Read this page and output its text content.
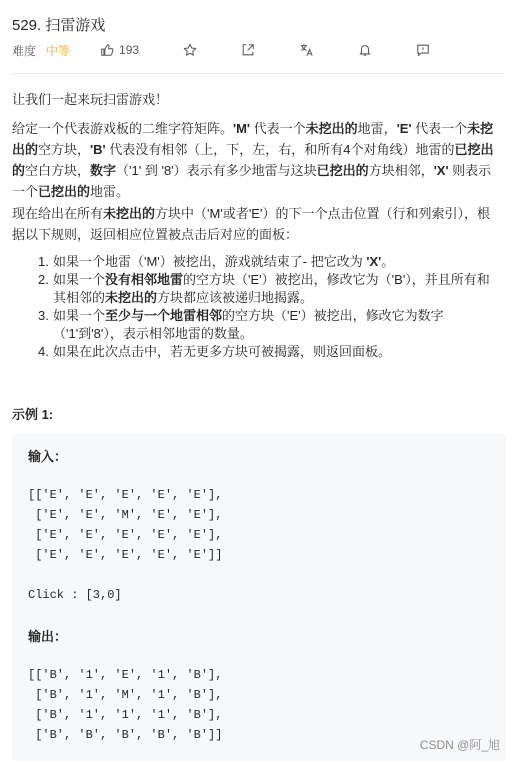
529. 扫雷游戏
难度 中等	193
让我们一起来玩扫雷游戏！
给定一个代表游戏板的二维字符矩阵。'M' 代表一个未挖出的地雷，'E' 代表一个未挖出的空方块，'B' 代表没有相邻（上，下，左，右，和所有4个对角线）地雷的已挖出的空白方块，数字（'1' 到 '8'）表示有多少地雷与这块已挖出的方块相邻，'X' 则表示一个已挖出的地雷。
现在给出在所有未挖出的方块中（'M'或者'E'）的下一个点击位置（行和列索引），根据以下规则，返回相应位置被点击后对应的面板：
1. 如果一个地雷（'M'）被挖出，游戏就结束了- 把它改为 'X'。
2. 如果一个没有相邻地雷的空方块（'E'）被挖出，修改它为（'B'），并且所有和其相邻的未挖出的方块都应该被递归地揭露。
3. 如果一个至少与一个地雷相邻的空方块（'E'）被挖出，修改它为数字（'1'到'8'），表示相邻地雷的数量。
4. 如果在此次点击中，若无更多方块可被揭露，则返回面板。
示例 1:
输入：
[['E', 'E', 'E', 'E', 'E'],
['E', 'E', 'M', 'E', 'E'],
['E', 'E', 'E', 'E', 'E'],
['E', 'E', 'E', 'E', 'E']]
Click : [3,0]
输出：
[['B', '1', 'E', '1', 'B'],
['B', '1', 'M', '1', 'B'],
['B', '1', '1', '1', 'B'],
['B', 'B', 'B', 'B', 'B']]
CSDN @阿_旭
